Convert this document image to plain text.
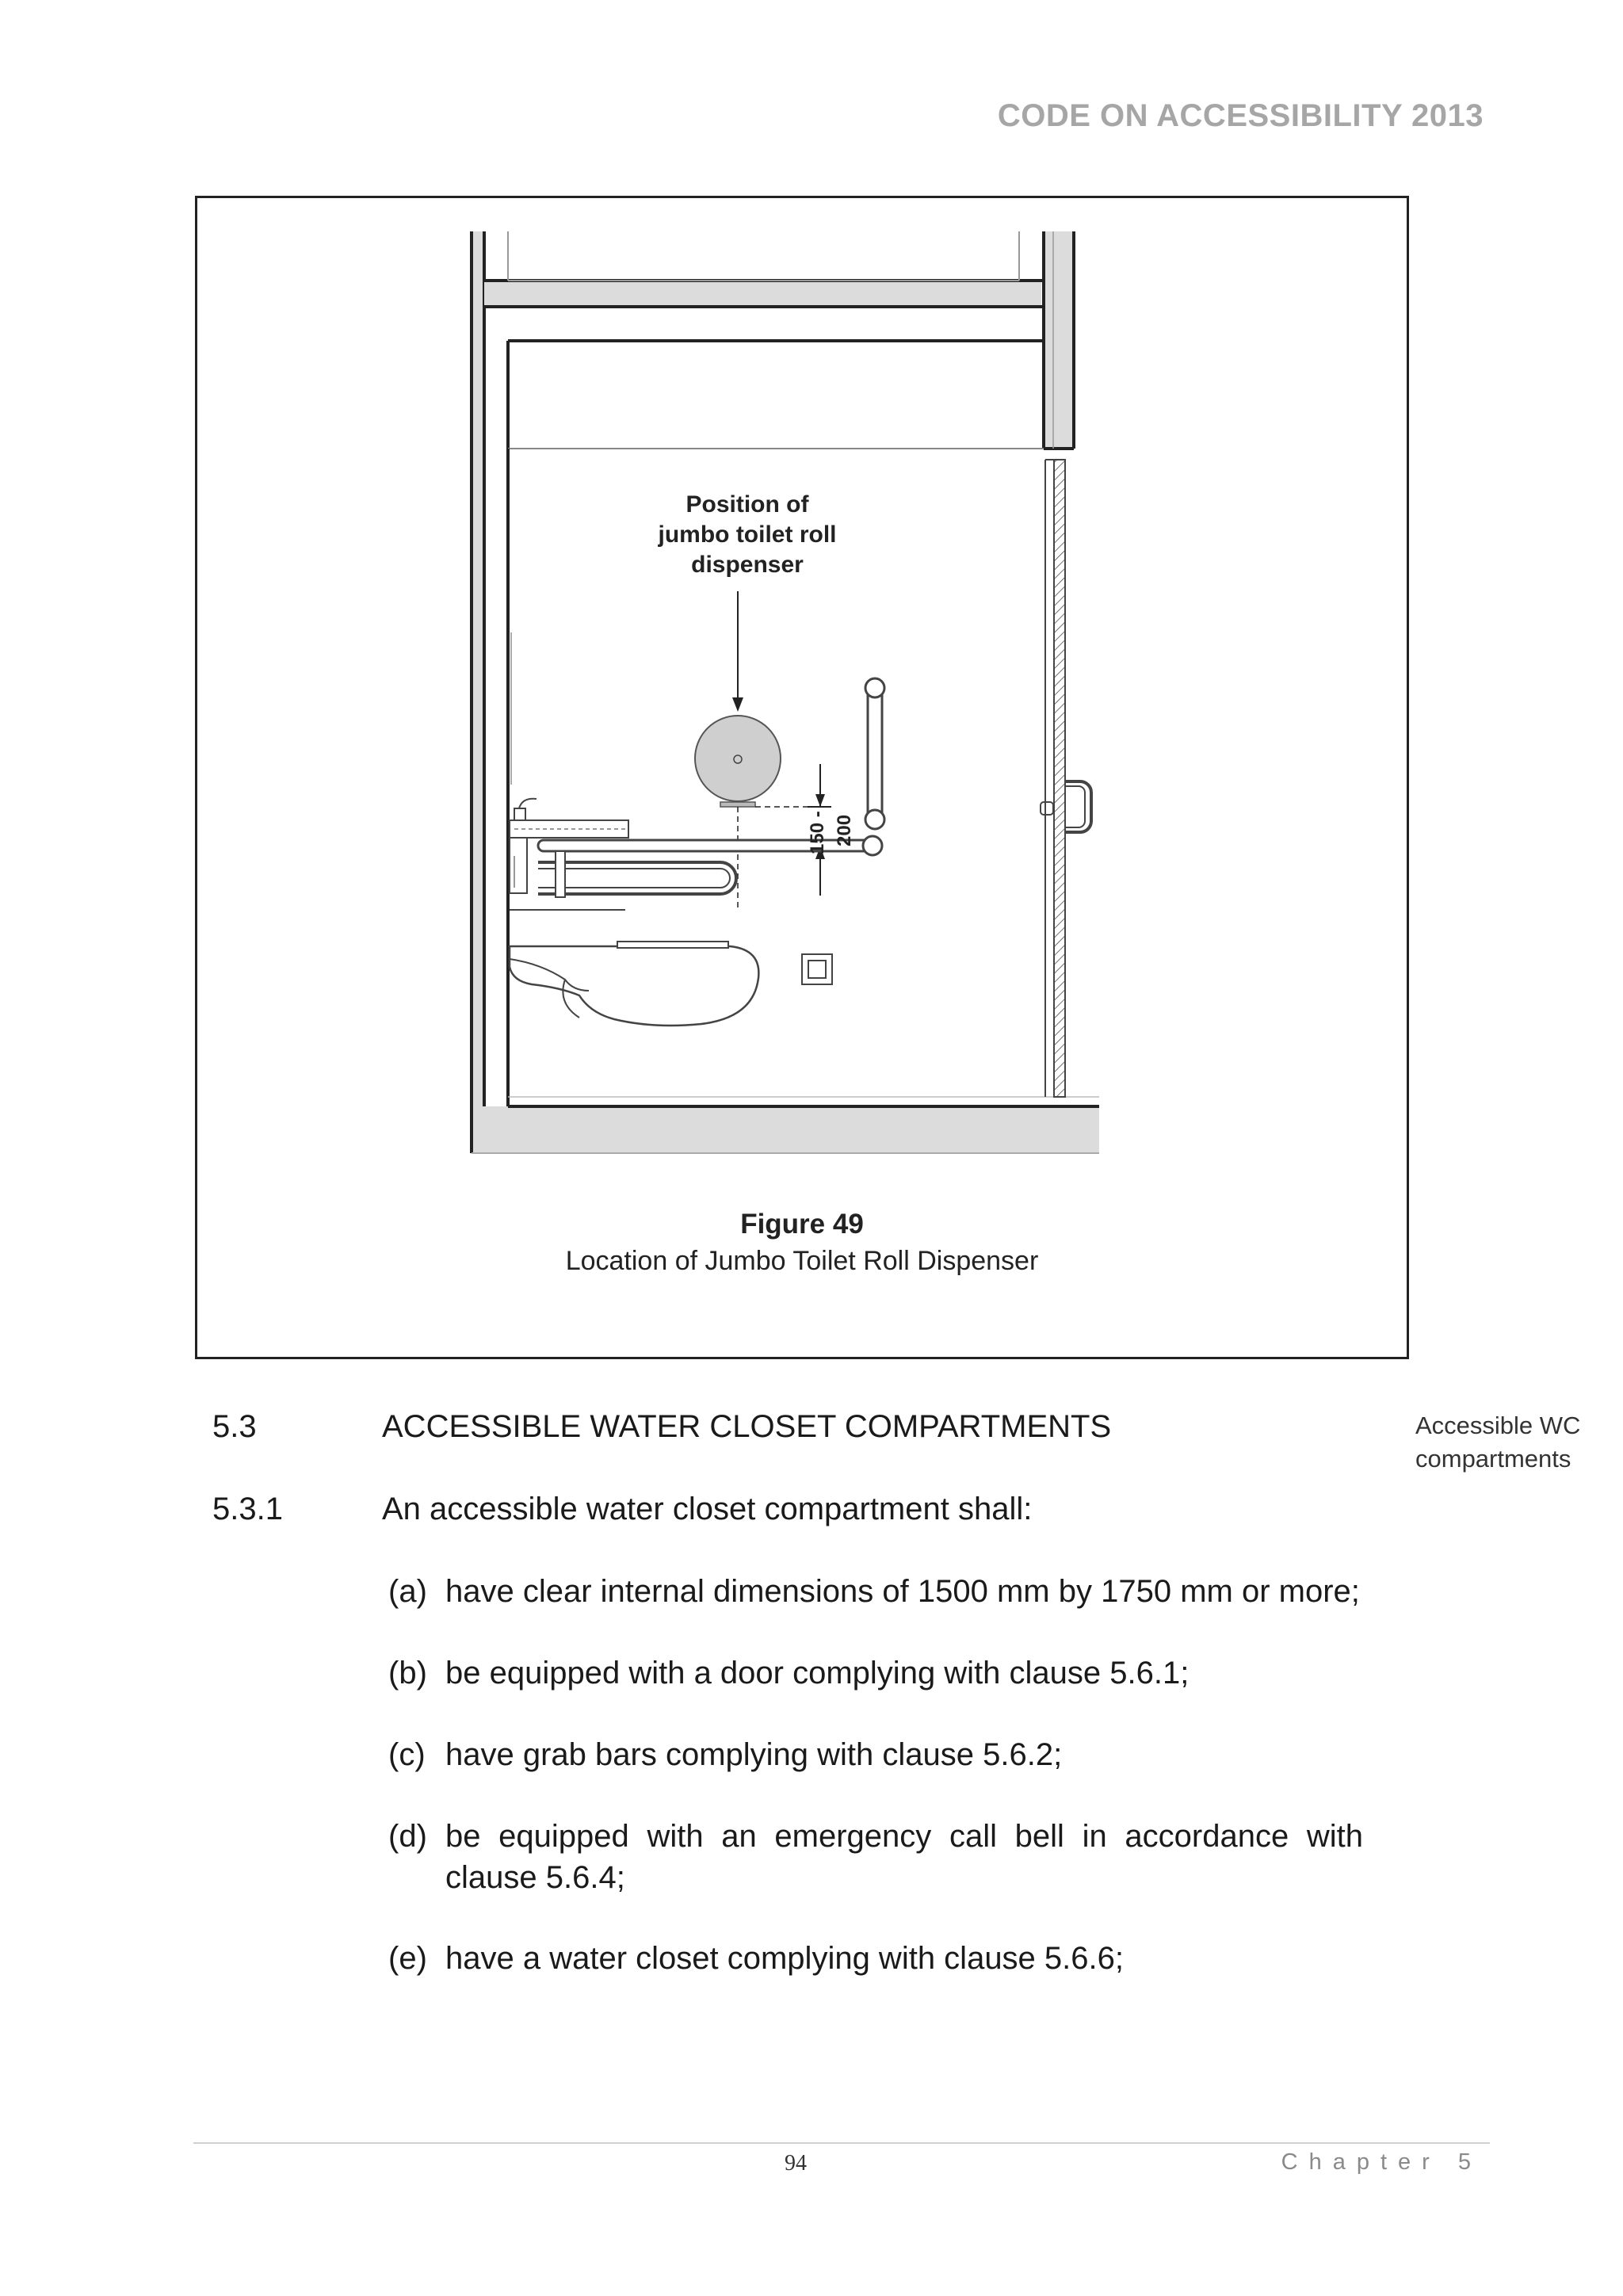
CODE ON ACCESSIBILITY 2013
Position of
jumbo toilet roll
dispenser
150 - 200
Figure 49
Location of Jumbo Toilet Roll Dispenser
5.3	ACCESSIBLE WATER CLOSET COMPARTMENTS	Accessible WC
compartments
5.3.1	An accessible water closet compartment shall:
(a) have clear internal dimensions of 1500 mm by 1750 mm or more;
(b) be equipped with a door complying with clause 5.6.1;
(c) have grab bars complying with clause 5.6.2;
(d) be equipped with an emergency call bell in accordance with clause 5.6.4;
(e) have a water closet complying with clause 5.6.6;
94	Chapter 5
